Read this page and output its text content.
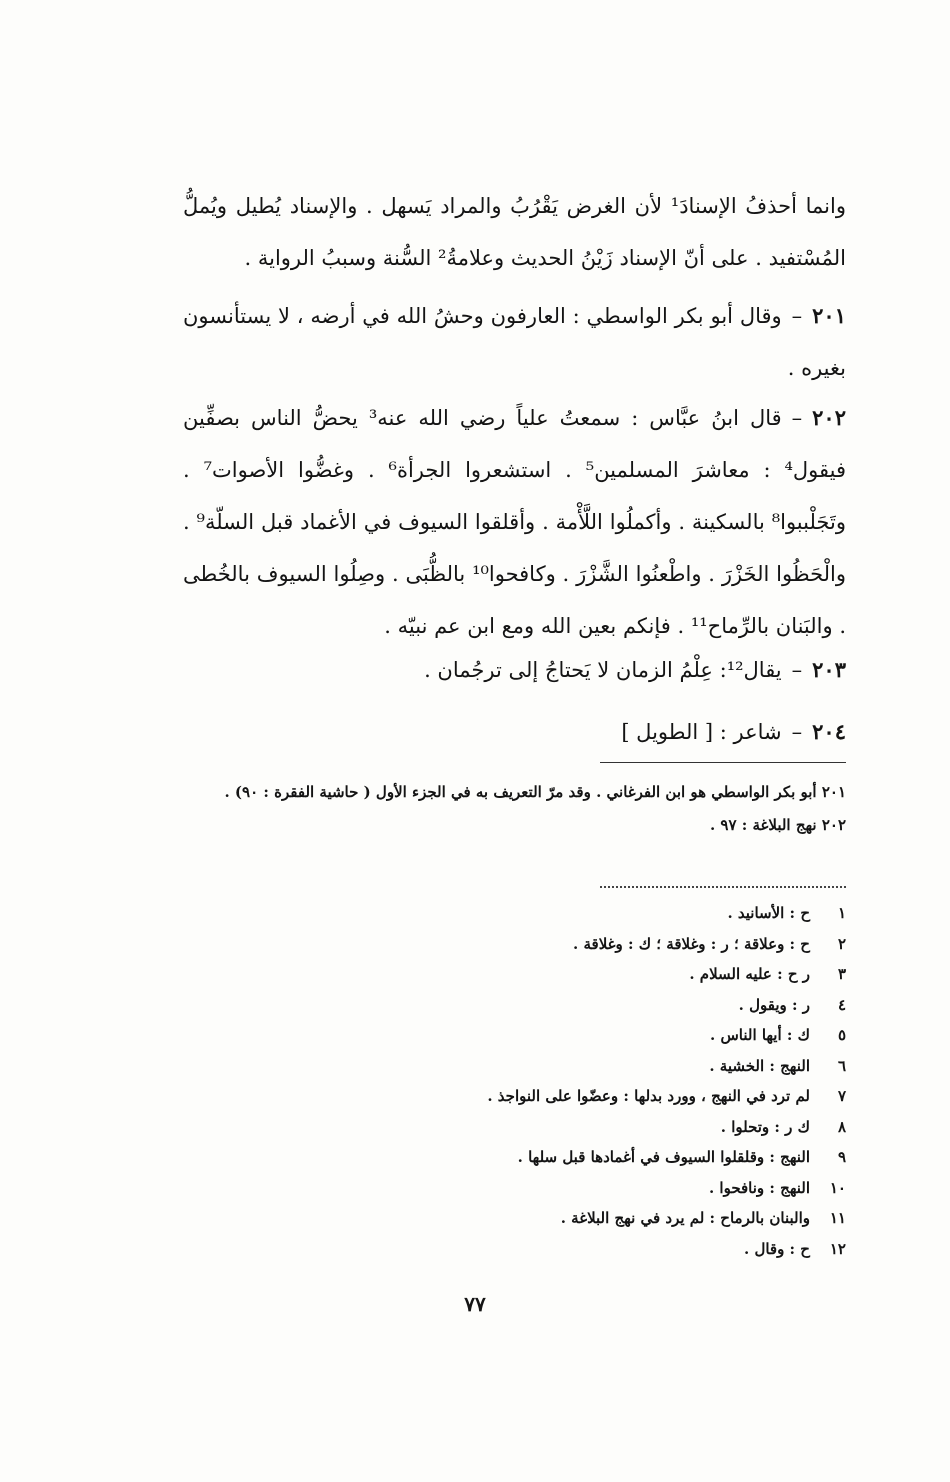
وانما أحذفُ الإسنادَ¹ لأن الغرض يَقْرُبُ والمراد يَسهل . والإسناد يُطيل ويُملُّ المُسْتفيد . على أنّ الإسناد زَيْنُ الحديث وعلامةُ² السُّنة وسببُ الرواية .
٢٠١–وقال أبو بكر الواسطي : العارفون وحشُ الله في أرضه ، لا يستأنسون بغيره .
٢٠٢–قال ابنُ عبَّاس : سمعتُ علياً رضي الله عنه³ يحضُّ الناس بصفِّين فيقول⁴ : معاشرَ المسلمين⁵ . استشعروا الجرأة⁶ . وغضُّوا الأصوات⁷ . وتَجَلْببوا⁸ بالسكينة . وأكملُوا اللَّأْمة . وأقلقوا السيوف في الأغماد قبل السلّة⁹ . والْحَظُوا الخَزْرَ . واطْعنُوا الشَّزْرَ . وكافحوا¹⁰ بالظُّبَى . وصِلُوا السيوف بالخُطى . والبَنان بالرِّماح¹¹ . فإنكم بعين الله ومع ابن عم نبيّه .
٢٠٣–يقال¹²: عِلْمُ الزمان لا يَحتاجُ إلى ترجُمان .
٢٠٤–شاعر : [ الطويل ]
٢٠١ أبو بكر الواسطي هو ابن الفرغاني . وقد مرّ التعريف به في الجزء الأول ( حاشية الفقرة : ٩٠) .
٢٠٢ نهج البلاغة : ٩٧ .
١
ح : الأسانيد .
٢
ح : وعلاقة ؛ ر : وغلاقة ؛ ك : وغلاقة .
٣
ر ح : عليه السلام .
٤
ر : ويقول .
٥
ك : أيها الناس .
٦
النهج : الخشية .
٧
لم ترد في النهج ، وورد بدلها : وعضّوا على النواجذ .
٨
ك ر : وتحلوا .
٩
النهج : وقلقلوا السيوف في أغمادها قبل سلها .
١٠
النهج : ونافحوا .
١١
والبنان بالرماح : لم يرد في نهج البلاغة .
١٢
ح : وقال .
٧٧
